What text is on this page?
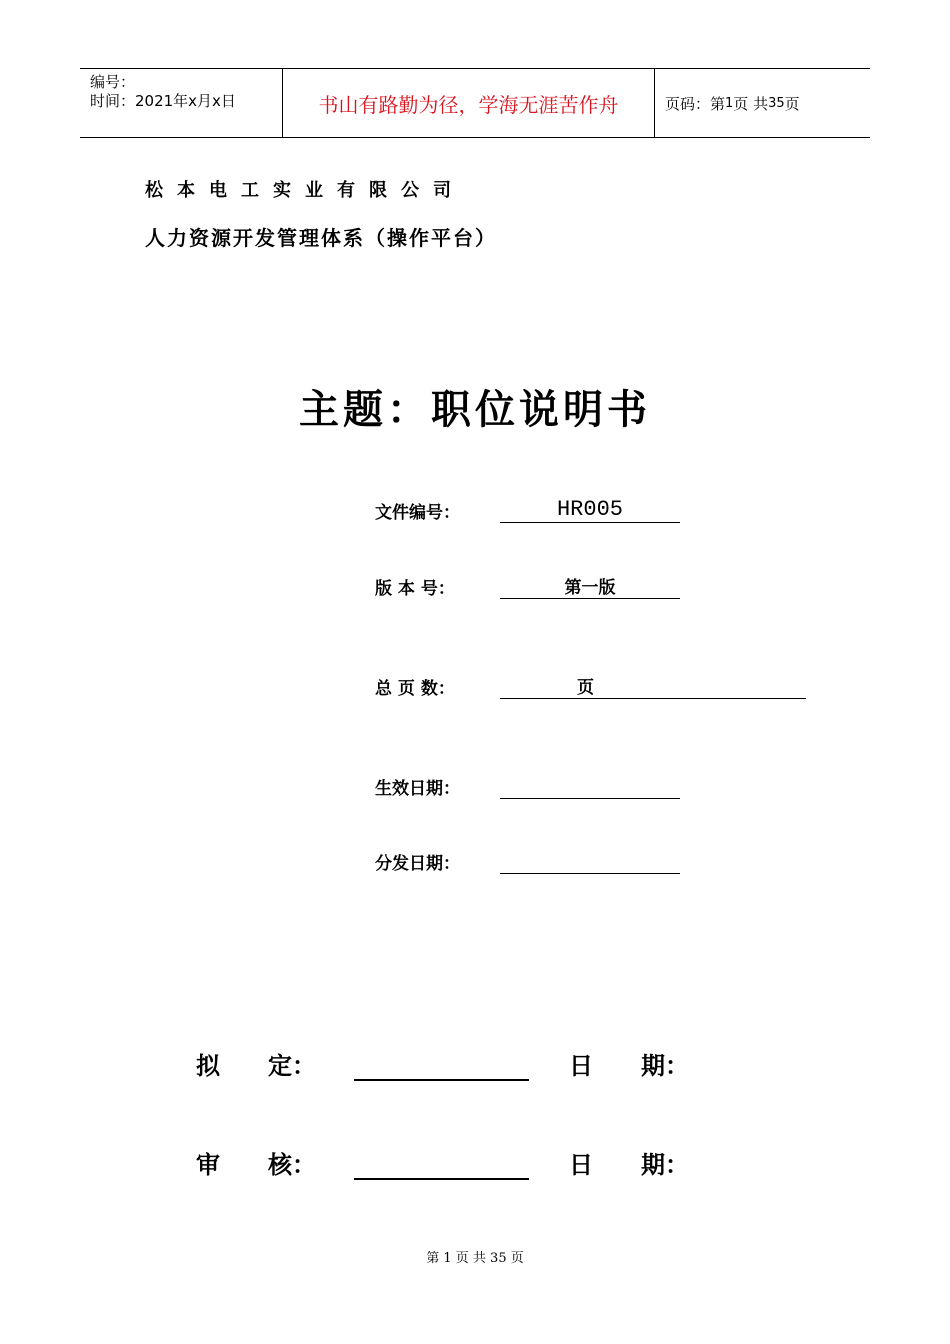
编号：
时间：2021年x月x日	书山有路勤为径，学海无涯苦作舟	页码：第 1 页 共 35 页
松本电工实业有限公司
人力资源开发管理体系（操作平台）
主题：职位说明书
文件编号：	HR005
版 本 号：	第一版
总 页 数：	页
生效日期：
分发日期：
拟　　定：	日　　期：
审　　核：	日　　期：
第 1 页 共 35 页
